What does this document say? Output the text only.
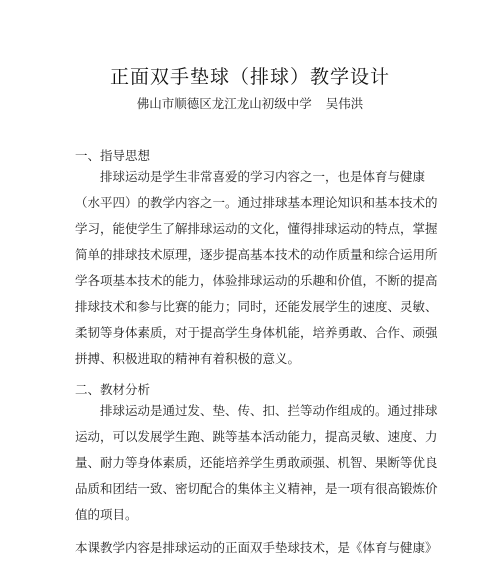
正面双手垫球（排球）教学设计
佛山市顺德区龙江龙山初级中学 吴伟洪
一、指导思想
排球运动是学生非常喜爱的学习内容之一，也是体育与健康
（水平四）的教学内容之一。通过排球基本理论知识和基本技术的
学习，能使学生了解排球运动的文化，懂得排球运动的特点，掌握
简单的排球技术原理，逐步提高基本技术的动作质量和综合运用所
学各项基本技术的能力，体验排球运动的乐趣和价值，不断的提高
排球技术和参与比赛的能力；同时，还能发展学生的速度、灵敏、
柔韧等身体素质，对于提高学生身体机能，培养勇敢、合作、顽强
拼搏、积极进取的精神有着积极的意义。
二、教材分析
排球运动是通过发、垫、传、扣、拦等动作组成的。通过排球
运动，可以发展学生跑、跳等基本活动能力，提高灵敏、速度、力
量、耐力等身体素质，还能培养学生勇敢顽强、机智、果断等优良
品质和团结一致、密切配合的集体主义精神，是一项有很高锻炼价
值的项目。
本课教学内容是排球运动的正面双手垫球技术，是《体育与健康》
